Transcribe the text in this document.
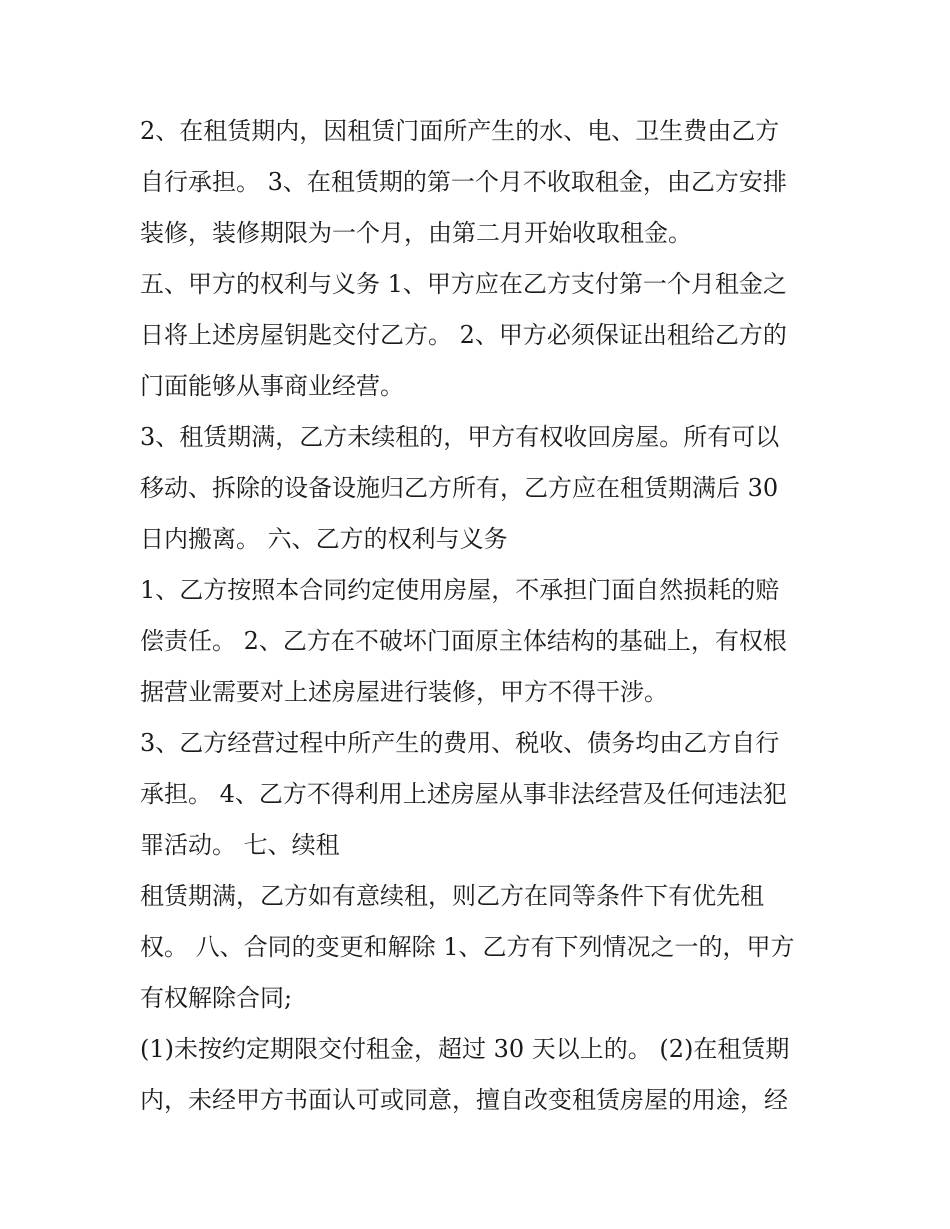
2、在租赁期内，因租赁门面所产生的水、电、卫生费由乙方
自行承担。 3、在租赁期的第一个月不收取租金，由乙方安排
装修，装修期限为一个月，由第二月开始收取租金。
五、甲方的权利与义务 1、甲方应在乙方支付第一个月租金之
日将上述房屋钥匙交付乙方。 2、甲方必须保证出租给乙方的
门面能够从事商业经营。
3、租赁期满，乙方未续租的，甲方有权收回房屋。所有可以
移动、拆除的设备设施归乙方所有，乙方应在租赁期满后 30
日内搬离。 六、乙方的权利与义务
1、乙方按照本合同约定使用房屋，不承担门面自然损耗的赔
偿责任。 2、乙方在不破坏门面原主体结构的基础上，有权根
据营业需要对上述房屋进行装修，甲方不得干涉。
3、乙方经营过程中所产生的费用、税收、债务均由乙方自行
承担。 4、乙方不得利用上述房屋从事非法经营及任何违法犯
罪活动。 七、续租
租赁期满，乙方如有意续租，则乙方在同等条件下有优先租
权。 八、合同的变更和解除 1、乙方有下列情况之一的，甲方
有权解除合同;
(1)未按约定期限交付租金，超过 30 天以上的。 (2)在租赁期
内，未经甲方书面认可或同意，擅自改变租赁房屋的用途，经
